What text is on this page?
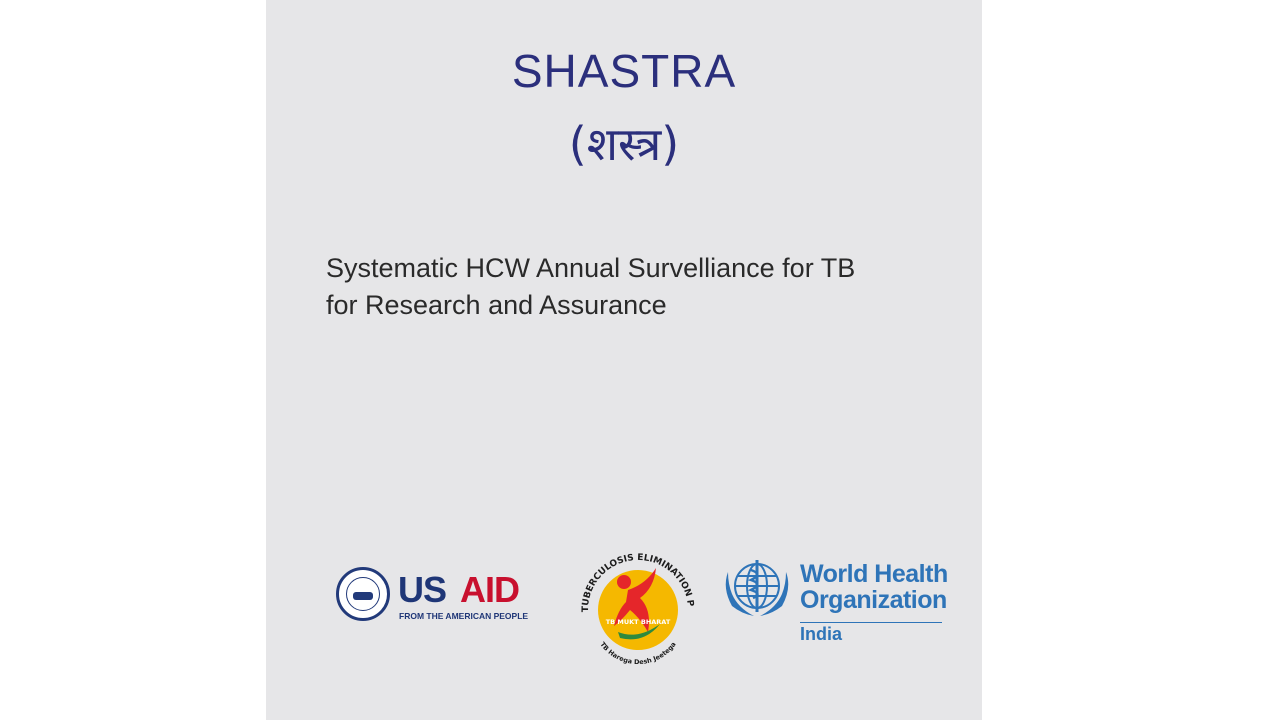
SHASTRA
(शस्त्र)
Systematic HCW Annual Survelliance for TB
for Research and Assurance
US AID
FROM THE AMERICAN PEOPLE
TUBERCULOSIS ELIMINATION P
TB MUKT BHARAT
TB Harega Desh Jeetega
World Health
Organization
India
